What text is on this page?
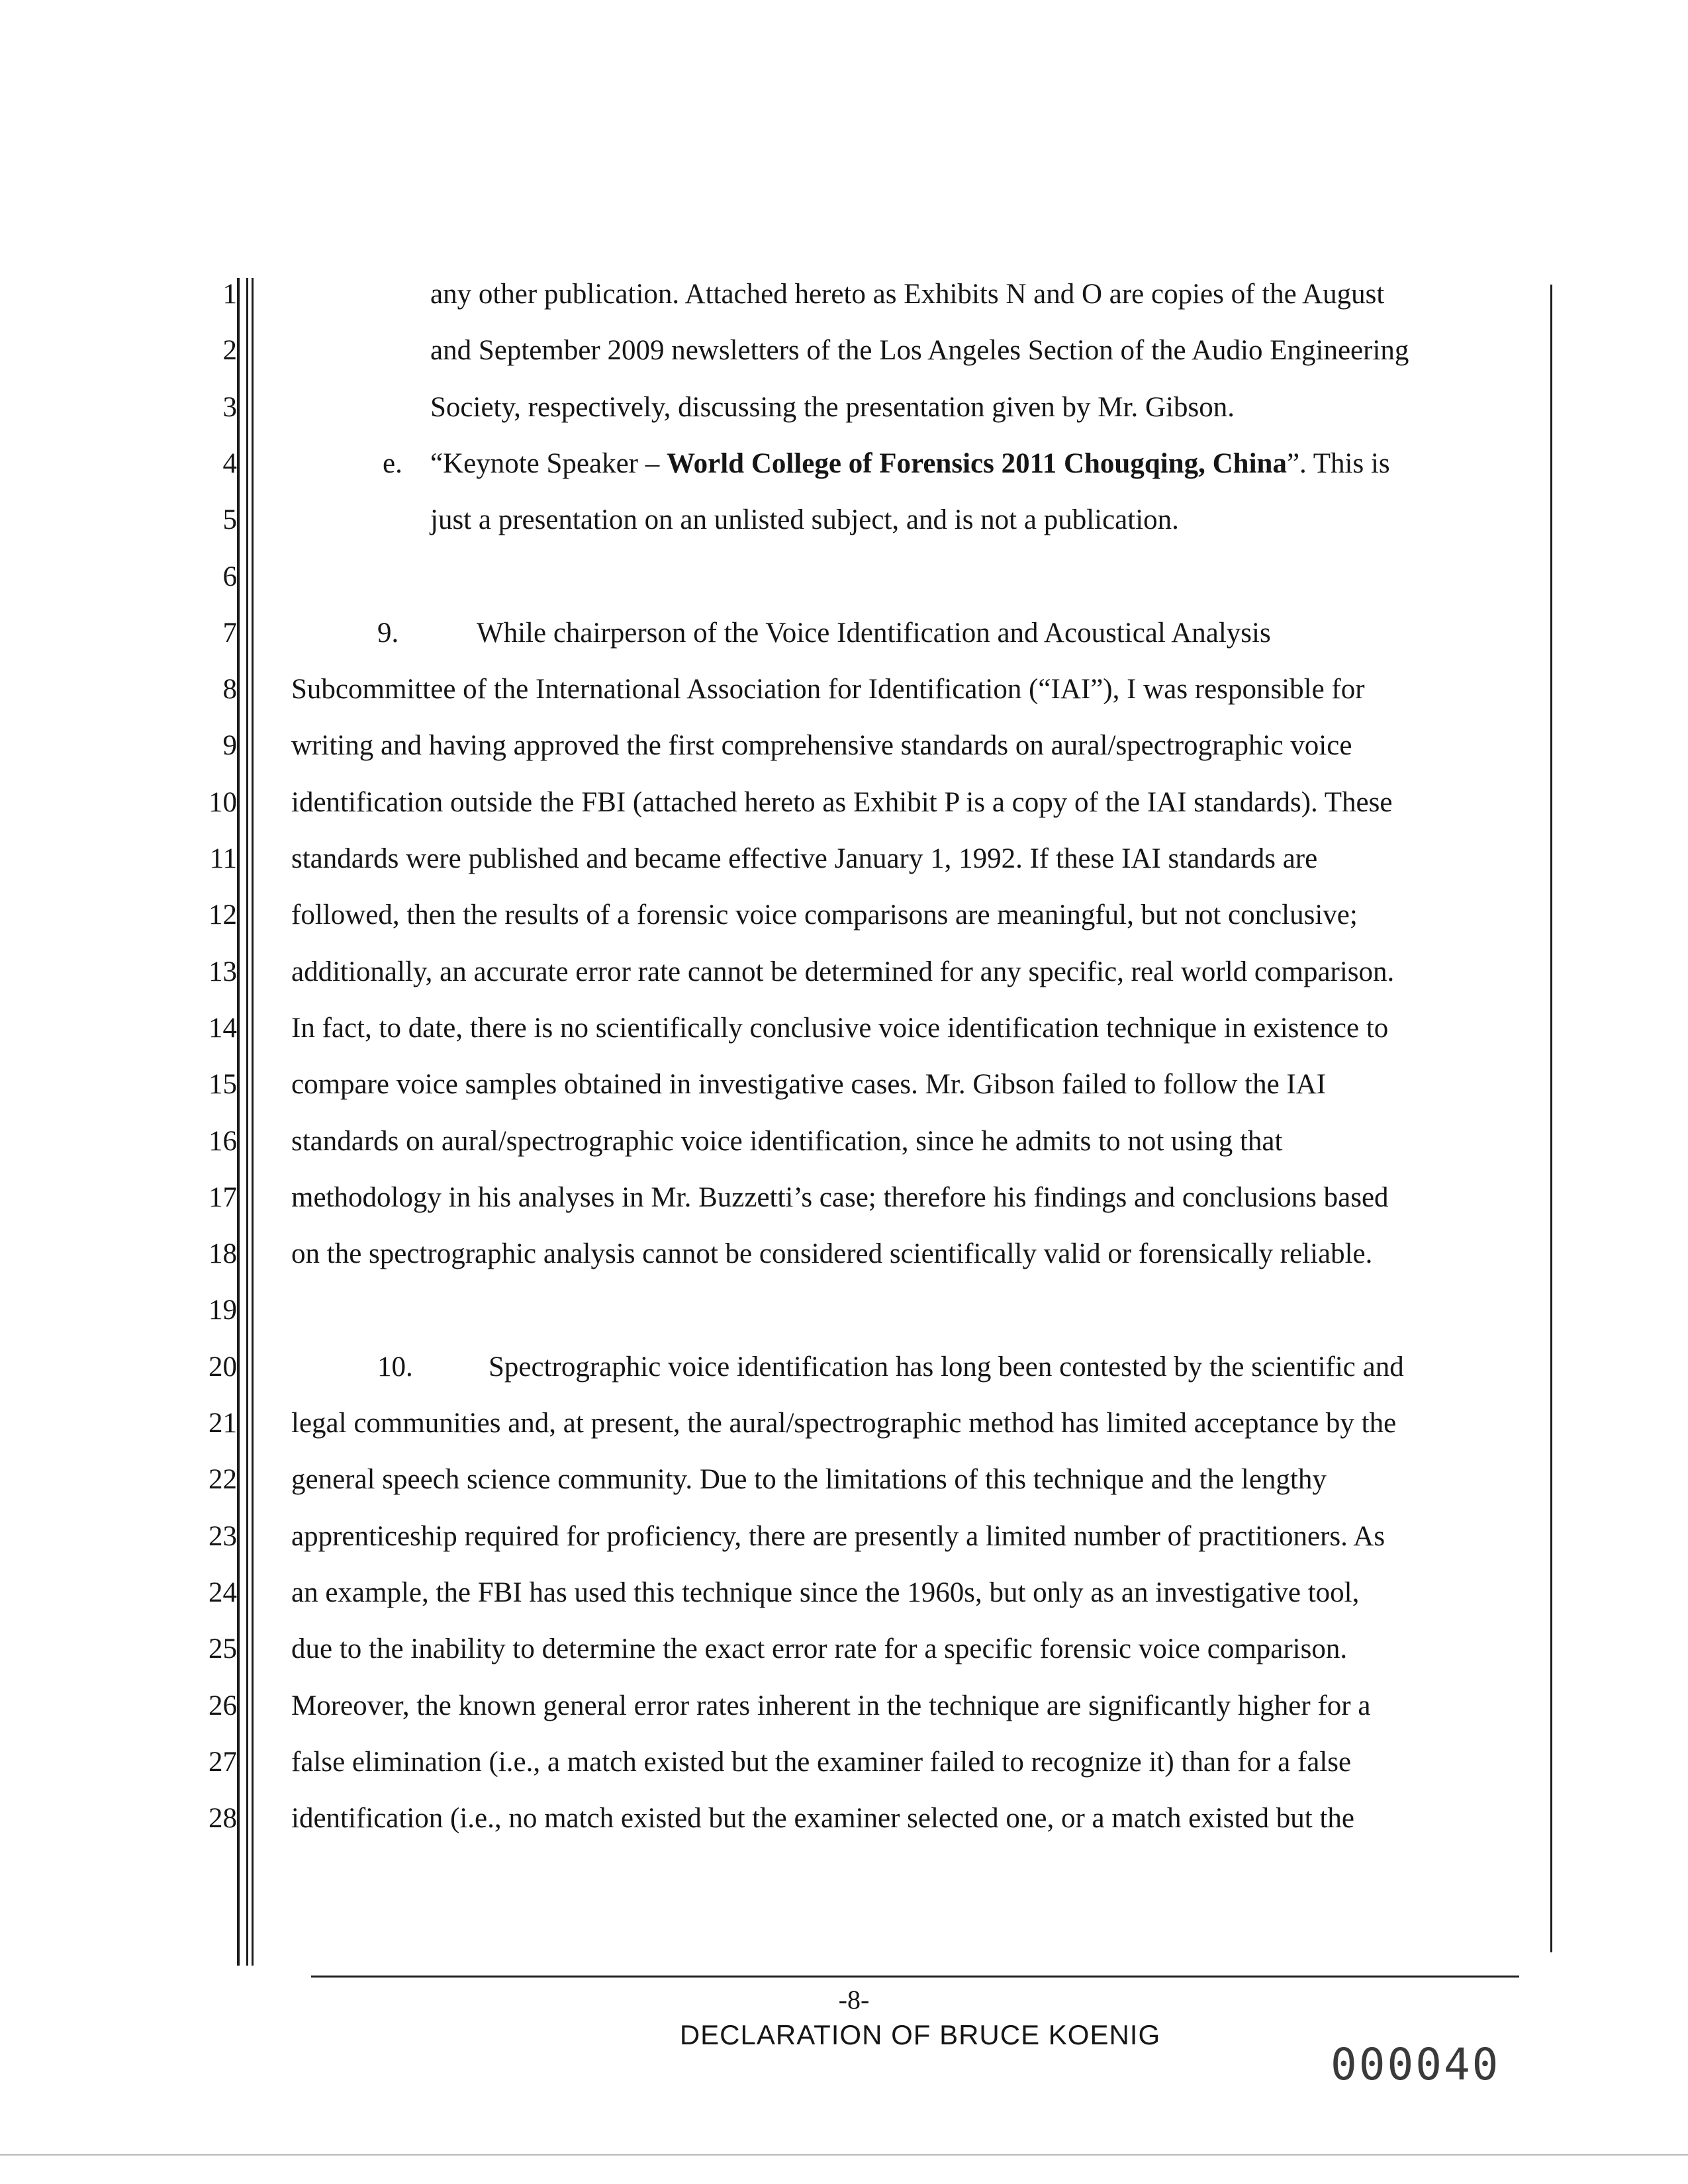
1
2
3
4
5
6
7
8
9
10
11
12
13
14
15
16
17
18
19
20
21
22
23
24
25
26
27
28
any other publication. Attached hereto as Exhibits N and O are copies of the August
and September 2009 newsletters of the Los Angeles Section of the Audio Engineering
Society, respectively, discussing the presentation given by Mr. Gibson.
e. “Keynote Speaker – World College of Forensics 2011 Chougqing, China”. This is
just a presentation on an unlisted subject, and is not a publication.
9.	While chairperson of the Voice Identification and Acoustical Analysis
Subcommittee of the International Association for Identification (“IAI”), I was responsible for
writing and having approved the first comprehensive standards on aural/spectrographic voice
identification outside the FBI (attached hereto as Exhibit P is a copy of the IAI standards). These
standards were published and became effective January 1, 1992. If these IAI standards are
followed, then the results of a forensic voice comparisons are meaningful, but not conclusive;
additionally, an accurate error rate cannot be determined for any specific, real world comparison.
In fact, to date, there is no scientifically conclusive voice identification technique in existence to
compare voice samples obtained in investigative cases. Mr. Gibson failed to follow the IAI
standards on aural/spectrographic voice identification, since he admits to not using that
methodology in his analyses in Mr. Buzzetti’s case; therefore his findings and conclusions based
on the spectrographic analysis cannot be considered scientifically valid or forensically reliable.
10.	Spectrographic voice identification has long been contested by the scientific and
legal communities and, at present, the aural/spectrographic method has limited acceptance by the
general speech science community. Due to the limitations of this technique and the lengthy
apprenticeship required for proficiency, there are presently a limited number of practitioners. As
an example, the FBI has used this technique since the 1960s, but only as an investigative tool,
due to the inability to determine the exact error rate for a specific forensic voice comparison.
Moreover, the known general error rates inherent in the technique are significantly higher for a
false elimination (i.e., a match existed but the examiner failed to recognize it) than for a false
identification (i.e., no match existed but the examiner selected one, or a match existed but the
-8-
DECLARATION OF BRUCE KOENIG
000040
